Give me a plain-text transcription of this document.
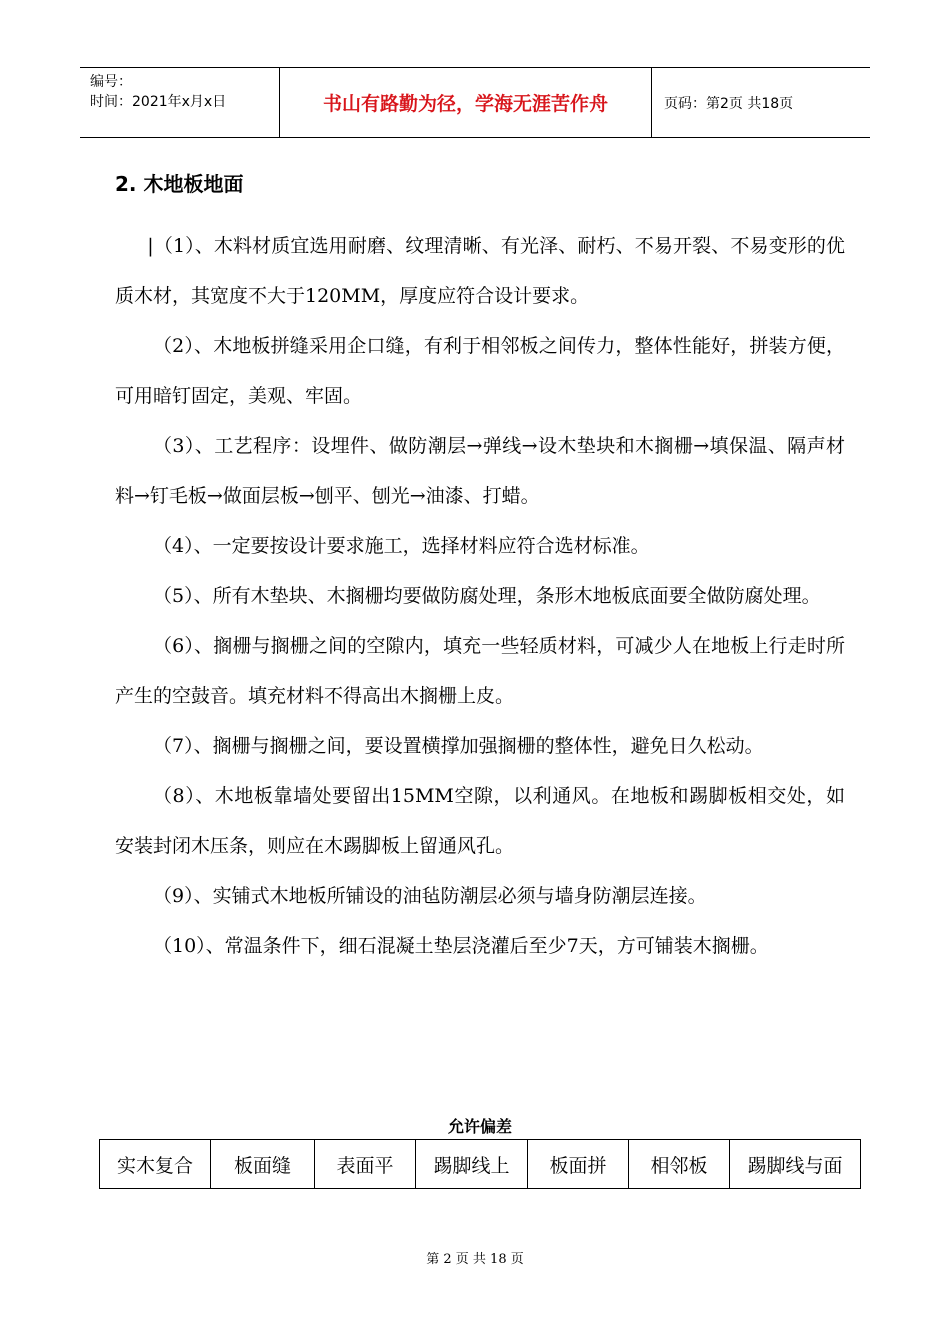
编号：
时间：2021年x月x日	书山有路勤为径，学海无涯苦作舟	页码：第2页 共18页
2. 木地板地面

|（1）、木料材质宜选用耐磨、纹理清晰、有光泽、耐朽、不易开裂、不易变形的优质木材，其宽度不大于120MM，厚度应符合设计要求。

（2）、木地板拼缝采用企口缝，有利于相邻板之间传力，整体性能好，拼装方便，可用暗钉固定，美观、牢固。

（3）、工艺程序：设埋件、做防潮层→弹线→设木垫块和木搁栅→填保温、隔声材料→钉毛板→做面层板→刨平、刨光→油漆、打蜡。

（4）、一定要按设计要求施工，选择材料应符合选材标准。

（5）、所有木垫块、木搁栅均要做防腐处理，条形木地板底面要全做防腐处理。

（6）、搁栅与搁栅之间的空隙内，填充一些轻质材料，可减少人在地板上行走时所产生的空鼓音。填充材料不得高出木搁栅上皮。

（7）、搁栅与搁栅之间，要设置横撑加强搁栅的整体性，避免日久松动。

（8）、木地板靠墙处要留出15MM空隙，以利通风。在地板和踢脚板相交处，如安装封闭木压条，则应在木踢脚板上留通风孔。

（9）、实铺式木地板所铺设的油毡防潮层必须与墙身防潮层连接。

（10）、常温条件下，细石混凝土垫层浇灌后至少7天，方可铺装木搁栅。

允许偏差
实木复合	板面缝	表面平	踢脚线上	板面拼	相邻板	踢脚线与面
第 2 页 共 18 页
